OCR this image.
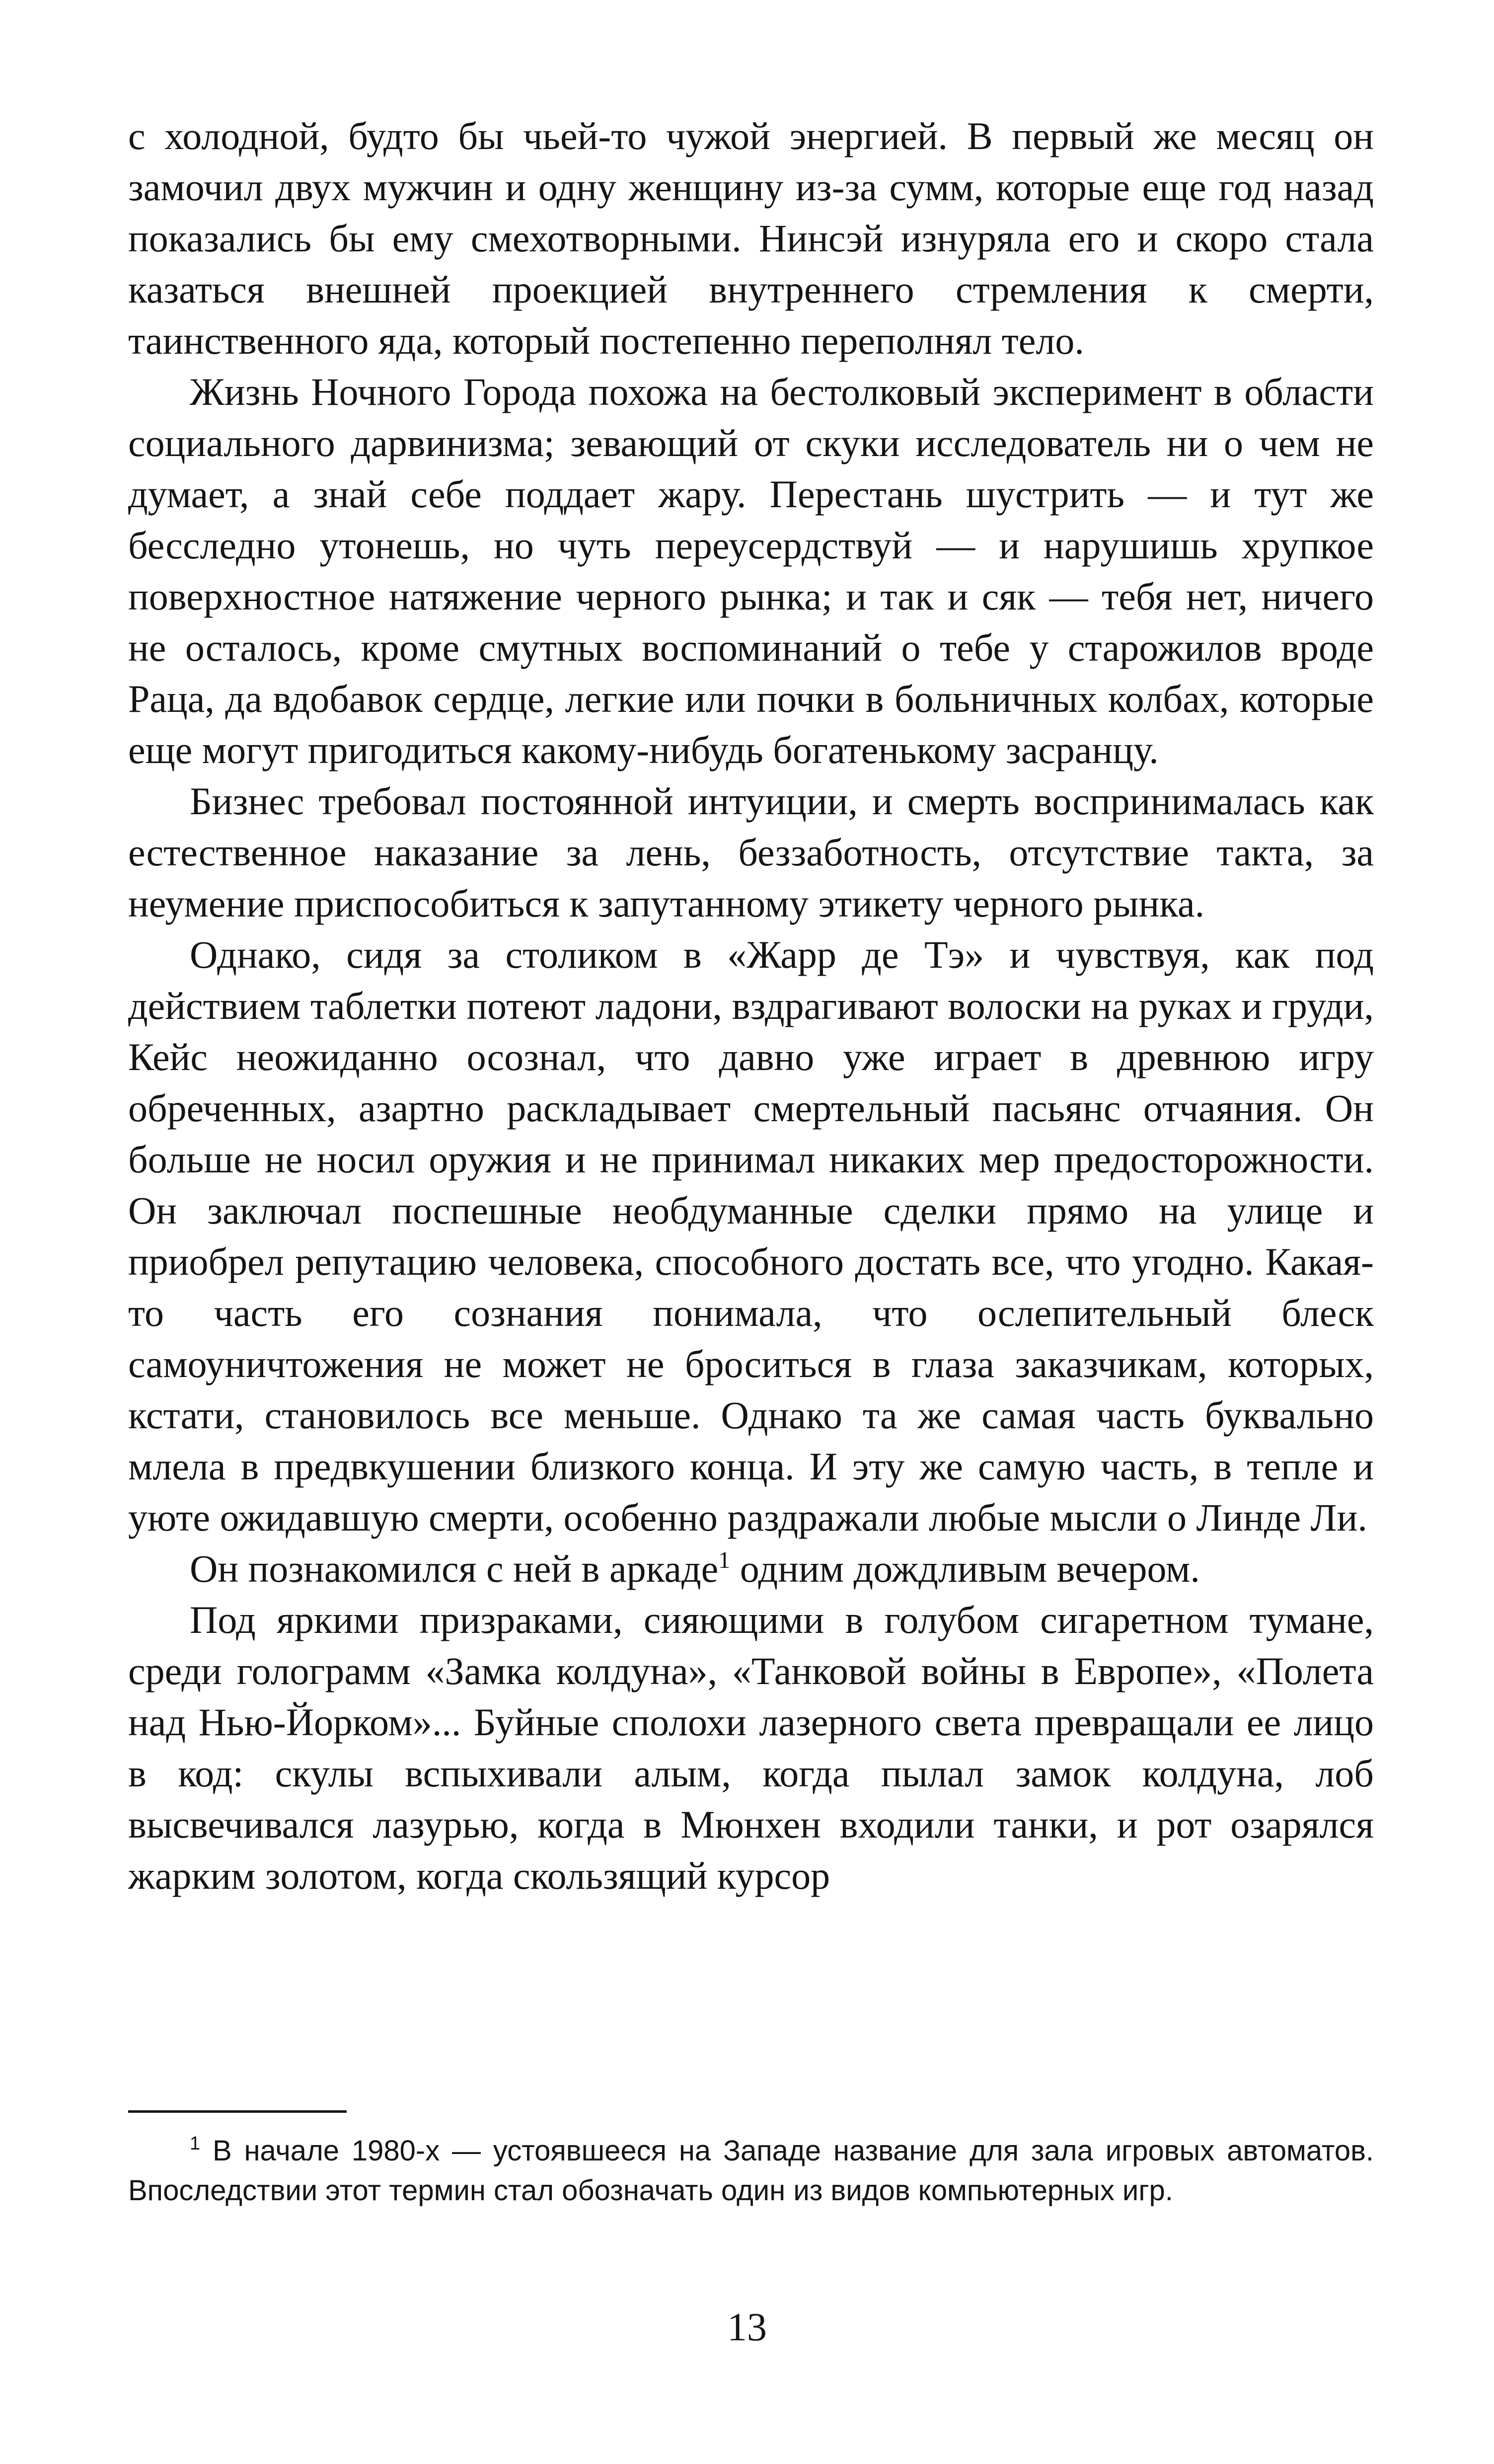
с холодной, будто бы чьей-то чужой энергией. В первый же месяц он замочил двух мужчин и одну женщину из-за сумм, которые еще год назад показались бы ему смехотворными. Нинсэй изнуряла его и скоро стала казаться внешней проекцией внутреннего стремления к смерти, таинственного яда, который постепенно переполнял тело.

Жизнь Ночного Города похожа на бестолковый эксперимент в области социального дарвинизма; зевающий от скуки исследователь ни о чем не думает, а знай себе поддает жару. Перестань шустрить — и тут же бесследно утонешь, но чуть переусердствуй — и нарушишь хрупкое поверхностное натяжение черного рынка; и так и сяк — тебя нет, ничего не осталось, кроме смутных воспоминаний о тебе у старожилов вроде Раца, да вдобавок сердце, легкие или почки в больничных колбах, которые еще могут пригодиться какому-нибудь богатенькому засранцу.

Бизнес требовал постоянной интуиции, и смерть воспринималась как естественное наказание за лень, беззаботность, отсутствие такта, за неумение приспособиться к запутанному этикету черного рынка.

Однако, сидя за столиком в «Жарр де Тэ» и чувствуя, как под действием таблетки потеют ладони, вздрагивают волоски на руках и груди, Кейс неожиданно осознал, что давно уже играет в древнюю игру обреченных, азартно раскладывает смертельный пасьянс отчаяния. Он больше не носил оружия и не принимал никаких мер предосторожности. Он заключал поспешные необдуманные сделки прямо на улице и приобрел репутацию человека, способного достать все, что угодно. Какая-то часть его сознания понимала, что ослепительный блеск самоуничтожения не может не броситься в глаза заказчикам, которых, кстати, становилось все меньше. Однако та же самая часть буквально млела в предвкушении близкого конца. И эту же самую часть, в тепле и уюте ожидавшую смерти, особенно раздражали любые мысли о Линде Ли.

Он познакомился с ней в аркаде$^1$ одним дождливым вечером.

Под яркими призраками, сияющими в голубом сигаретном тумане, среди голограмм «Замка колдуна», «Танковой войны в Европе», «Полета над Нью-Йорком»... Буйные сполохи лазерного света превращали ее лицо в код: скулы вспыхивали алым, когда пылал замок колдуна, лоб высвечивался лазурью, когда в Мюнхен входили танки, и рот озарялся жарким золотом, когда скользящий курсор

$^1$ В начале 1980-х — устоявшееся на Западе название для зала игровых автоматов. Впоследствии этот термин стал обозначать один из видов компьютерных игр.

13
